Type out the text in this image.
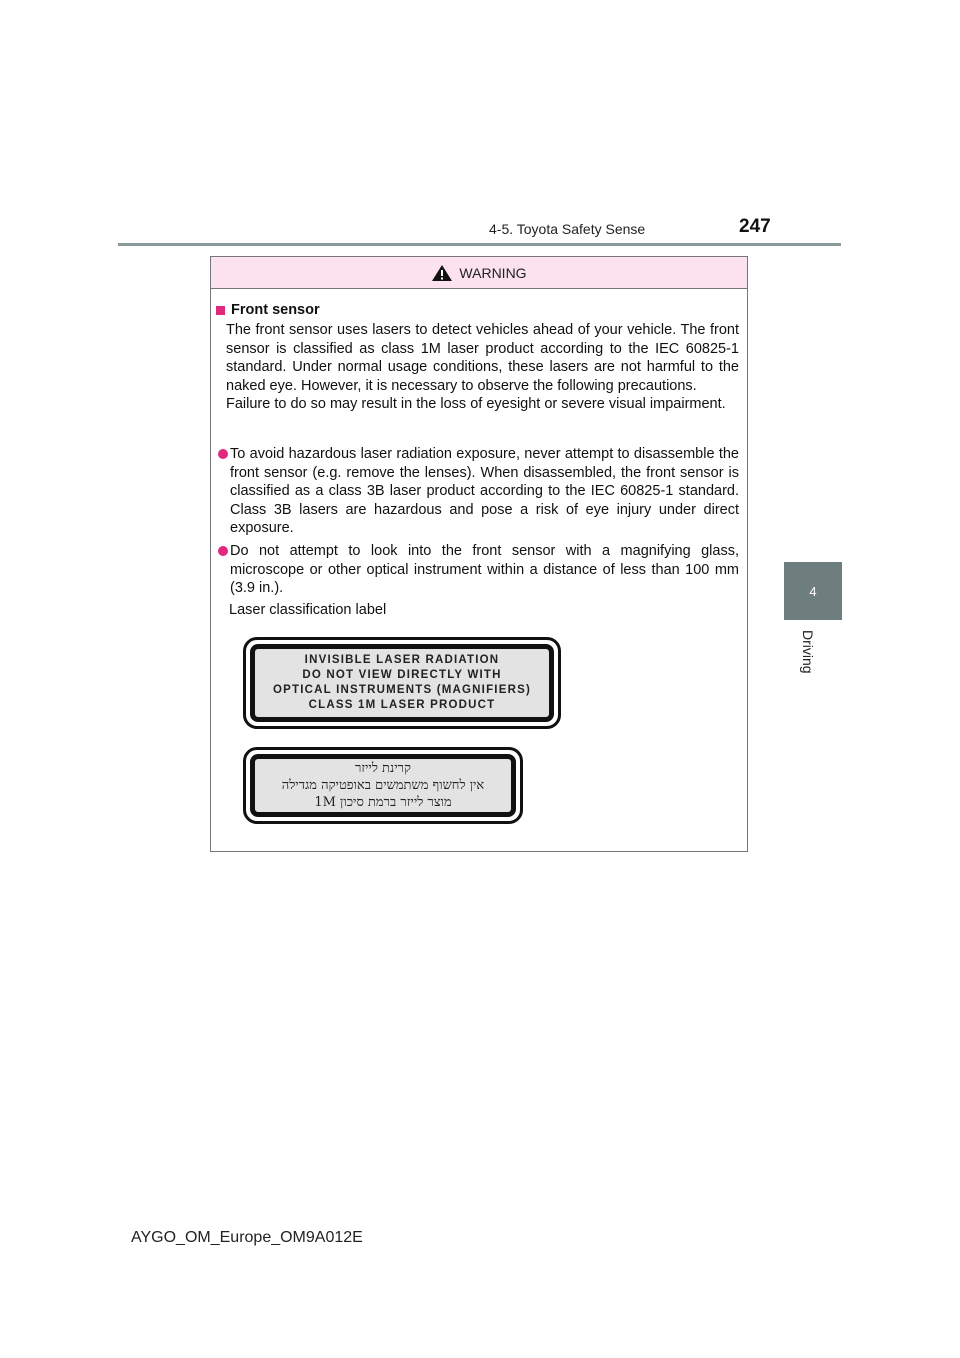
4-5. Toyota Safety Sense	247
4
Driving
WARNING
Front sensor
The front sensor uses lasers to detect vehicles ahead of your vehicle. The front sensor is classified as class 1M laser product according to the IEC 60825-1 standard. Under normal usage conditions, these lasers are not harmful to the naked eye. However, it is necessary to observe the following precautions.
Failure to do so may result in the loss of eyesight or severe visual impairment.
To avoid hazardous laser radiation exposure, never attempt to disassemble the front sensor (e.g. remove the lenses). When disassembled, the front sensor is classified as a class 3B laser product according to the IEC 60825-1 standard. Class 3B lasers are hazardous and pose a risk of eye injury under direct exposure.
Do not attempt to look into the front sensor with a magnifying glass, microscope or other optical instrument within a distance of less than 100 mm (3.9 in.).
Laser classification label
INVISIBLE LASER RADIATION
DO NOT VIEW DIRECTLY WITH
OPTICAL INSTRUMENTS (MAGNIFIERS)
CLASS 1M LASER PRODUCT
קרינת לייזר
אין לחשוף משתמשים באופטיקה מגדילה
מוצר לייזר ברמת סיכון 1M
AYGO_OM_Europe_OM9A012E
